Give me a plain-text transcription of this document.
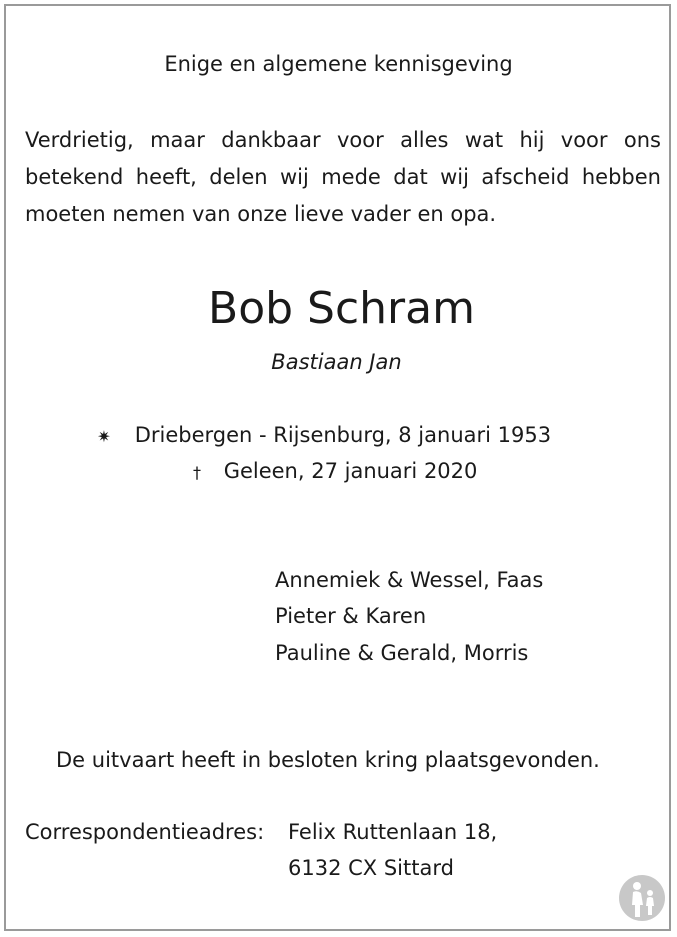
Enige en algemene kennisgeving
Verdrietig, maar dankbaar voor alles wat hij voor ons
betekend heeft, delen wij mede dat wij afscheid hebben
moeten nemen van onze lieve vader en opa.
Bob Schram
Bastiaan Jan
✷ Driebergen - Rijsenburg, 8 januari 1953
† Geleen, 27 januari 2020
Annemiek & Wessel, Faas
Pieter & Karen
Pauline & Gerald, Morris
De uitvaart heeft in besloten kring plaatsgevonden.
Correspondentieadres: Felix Ruttenlaan 18,
6132 CX Sittard
